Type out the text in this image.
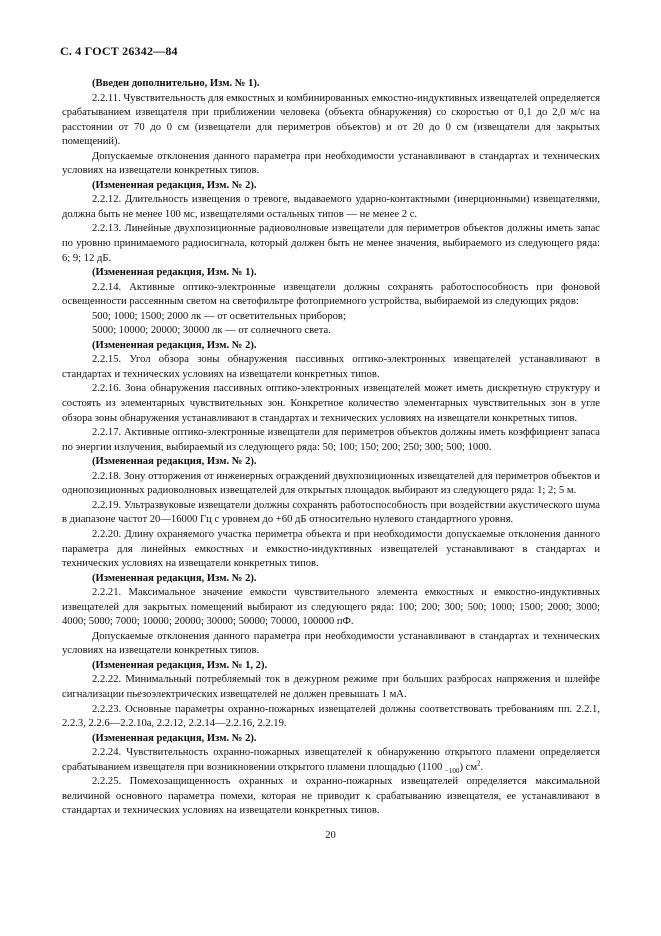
С. 4 ГОСТ 26342—84

(Введен дополнительно, Изм. № 1).

2.2.11. Чувствительность для емкостных и комбинированных емкостно-индуктивных извещателей определяется срабатыванием извещателя при приближении человека (объекта обнаружения) со скоростью от 0,1 до 2,0 м/с на расстоянии от 70 до 0 см (извещатели для периметров объектов) и от 20 до 0 см (извещатели для закрытых помещений).

Допускаемые отклонения данного параметра при необходимости устанавливают в стандартах и технических условиях на извещатели конкретных типов.

(Измененная редакция, Изм. № 2).

2.2.12. Длительность извещения о тревоге, выдаваемого ударно-контактными (инерционными) извещателями, должна быть не менее 100 мс, извещателями остальных типов — не менее 2 с.

2.2.13. Линейные двухпозиционные радиоволновые извещатели для периметров объектов должны иметь запас по уровню принимаемого радиосигнала, который должен быть не менее значения, выбираемого из следующего ряда: 6; 9; 12 дБ.

(Измененная редакция, Изм. № 1).

2.2.14. Активные оптико-электронные извещатели должны сохранять работоспособность при фоновой освещенности рассеянным светом на светофильтре фотоприемного устройства, выбираемой из следующих рядов:

500; 1000; 1500; 2000 лк — от осветительных приборов;

5000; 10000; 20000; 30000 лк — от солнечного света.

(Измененная редакция, Изм. № 2).

2.2.15. Угол обзора зоны обнаружения пассивных оптико-электронных извещателей устанавливают в стандартах и технических условиях на извещатели конкретных типов.

2.2.16. Зона обнаружения пассивных оптико-электронных извещателей может иметь дискретную структуру и состоять из элементарных чувствительных зон. Конкретное количество элементарных чувствительных зон в угле обзора зоны обнаружения устанавливают в стандартах и технических условиях на извещатели конкретных типов.

2.2.17. Активные оптико-электронные извещатели для периметров объектов должны иметь коэффициент запаса по энергии излучения, выбираемый из следующего ряда: 50; 100; 150; 200; 250; 300; 500; 1000.

(Измененная редакция, Изм. № 2).

2.2.18. Зону отторжения от инженерных ограждений двухпозиционных извещателей для периметров объектов и однопозиционных радиоволновых извещателей для открытых площадок выбирают из следующего ряда: 1; 2; 5 м.

2.2.19. Ультразвуковые извещатели должны сохранять работоспособность при воздействии акустического шума в диапазоне частот 20—16000 Гц с уровнем до +60 дБ относительно нулевого стандартного уровня.

2.2.20. Длину охраняемого участка периметра объекта и при необходимости допускаемые отклонения данного параметра для линейных емкостных и емкостно-индуктивных извещателей устанавливают в стандартах и технических условиях на извещатели конкретных типов.

(Измененная редакция, Изм. № 2).

2.2.21. Максимальное значение емкости чувствительного элемента емкостных и емкостно-индуктивных извещателей для закрытых помещений выбирают из следующего ряда: 100; 200; 300; 500; 1000; 1500; 2000; 3000; 4000; 5000; 7000; 10000; 20000; 30000; 50000; 70000, 100000 пФ.

Допускаемые отклонения данного параметра при необходимости устанавливают в стандартах и технических условиях на извещатели конкретных типов.

(Измененная редакция, Изм. № 1, 2).

2.2.22. Минимальный потребляемый ток в дежурном режиме при больших разбросах напряжения и шлейфе сигнализации пьезоэлектрических извещателей не должен превышать 1 мА.

2.2.23. Основные параметры охранно-пожарных извещателей должны соответствовать требованиям пп. 2.2.1, 2.2.3, 2.2.6—2.2.10а, 2.2.12, 2.2.14—2.2.16, 2.2.19.

(Измененная редакция, Изм. № 2).

2.2.24. Чувствительность охранно-пожарных извещателей к обнаружению открытого пламени определяется срабатыванием извещателя при возникновении открытого пламени площадью (1100 $_{-100}$) $см^2$.

2.2.25. Помехозащищенность охранных и охранно-пожарных извещателей определяется максимальной величиной основного параметра помехи, которая не приводит к срабатыванию извещателя, ее устанавливают в стандартах и технических условиях на извещатели конкретных типов.

20
